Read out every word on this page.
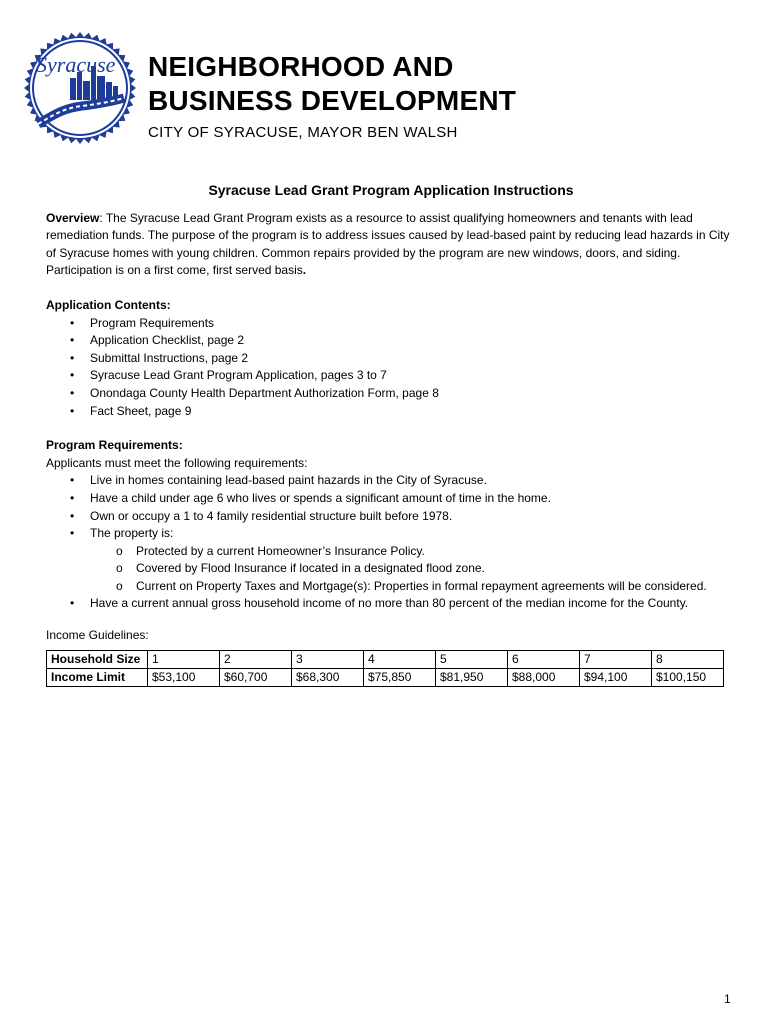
Syracuse NEIGHBORHOOD AND
BUSINESS DEVELOPMENT
CITY OF SYRACUSE, MAYOR BEN WALSH
Syracuse Lead Grant Program Application Instructions

Overview: The Syracuse Lead Grant Program exists as a resource to assist qualifying homeowners and tenants with lead remediation funds. The purpose of the program is to address issues caused by lead-based paint by reducing lead hazards in City of Syracuse homes with young children. Common repairs provided by the program are new windows, doors, and siding. Participation is on a first come, first served basis.

Application Contents:
• Program Requirements
• Application Checklist, page 2
• Submittal Instructions, page 2
• Syracuse Lead Grant Program Application, pages 3 to 7
• Onondaga County Health Department Authorization Form, page 8
• Fact Sheet, page 9
Program Requirements:
Applicants must meet the following requirements:
• Live in homes containing lead-based paint hazards in the City of Syracuse.
• Have a child under age 6 who lives or spends a significant amount of time in the home.
• Own or occupy a 1 to 4 family residential structure built before 1978.
• The property is:
o Protected by a current Homeowner’s Insurance Policy.
o Covered by Flood Insurance if located in a designated flood zone.
o Current on Property Taxes and Mortgage(s): Properties in formal repayment agreements will be considered.
• Have a current annual gross household income of no more than 80 percent of the median income for the County.
Income Guidelines:
Household Size	1	2	3	4	5	6	7	8
Income Limit	$53,100	$60,700	$68,300	$75,850	$81,950	$88,000	$94,100	$100,150
1
